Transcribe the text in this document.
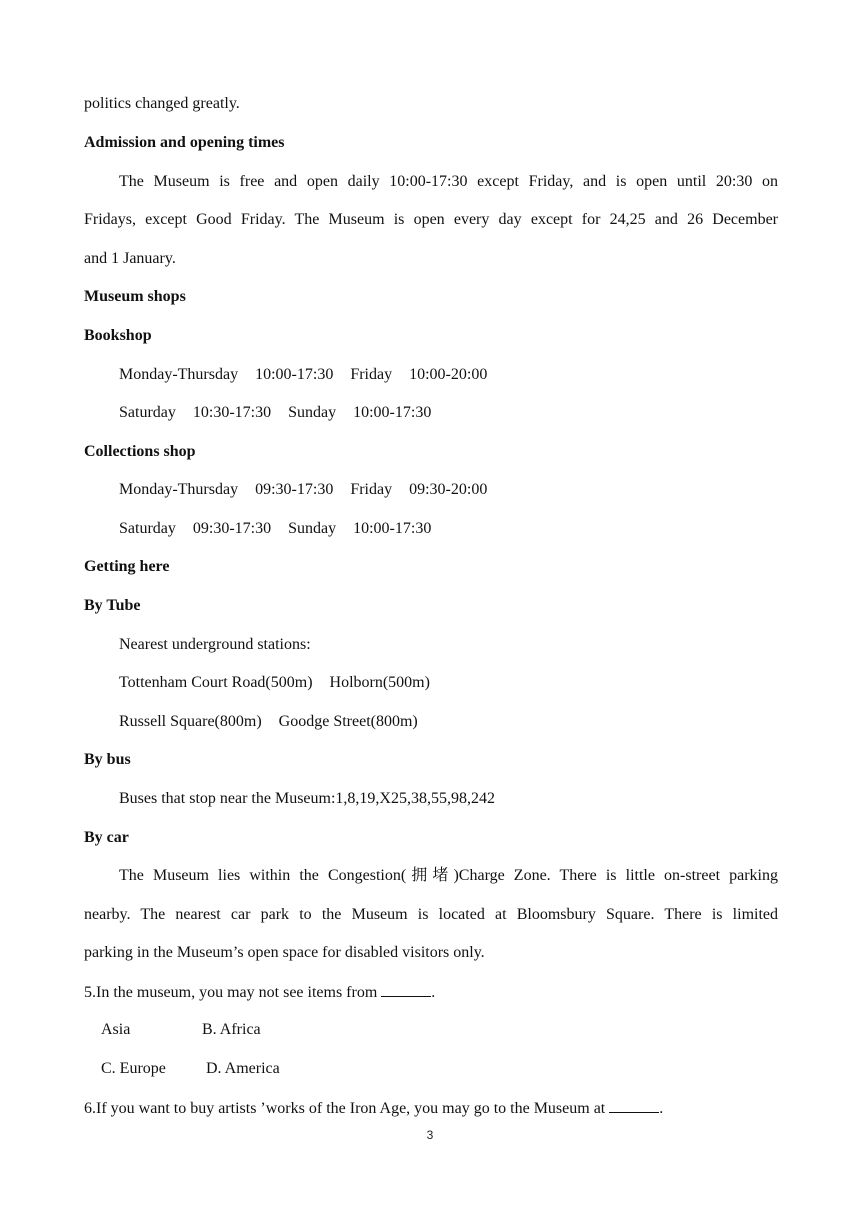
politics changed greatly.
Admission and opening times
The Museum is free and open daily 10:00-17:30 except Friday, and is open until 20:30 on
Fridays, except Good Friday. The Museum is open every day except for 24,25 and 26 December
and 1 January.
Museum shops
Bookshop
Monday-Thursday 10:00-17:30 Friday 10:00-20:00
Saturday 10:30-17:30 Sunday 10:00-17:30
Collections shop
Monday-Thursday 09:30-17:30 Friday 09:30-20:00
Saturday 09:30-17:30 Sunday 10:00-17:30
Getting here
By Tube
Nearest underground stations:
Tottenham Court Road(500m) Holborn(500m)
Russell Square(800m) Goodge Street(800m)
By bus
Buses that stop near the Museum:1,8,19,X25,38,55,98,242
By car
The Museum lies within the Congestion(拥堵)Charge Zone. There is little on-street parking
nearby. The nearest car park to the Museum is located at Bloomsbury Square. There is limited
parking in the Museum’s open space for disabled visitors only.
5.In the museum, you may not see items from	.
Asia	B. Africa
C. Europe	D. America
6.If you want to buy artists ’works of the Iron Age, you may go to the Museum at	.
3
